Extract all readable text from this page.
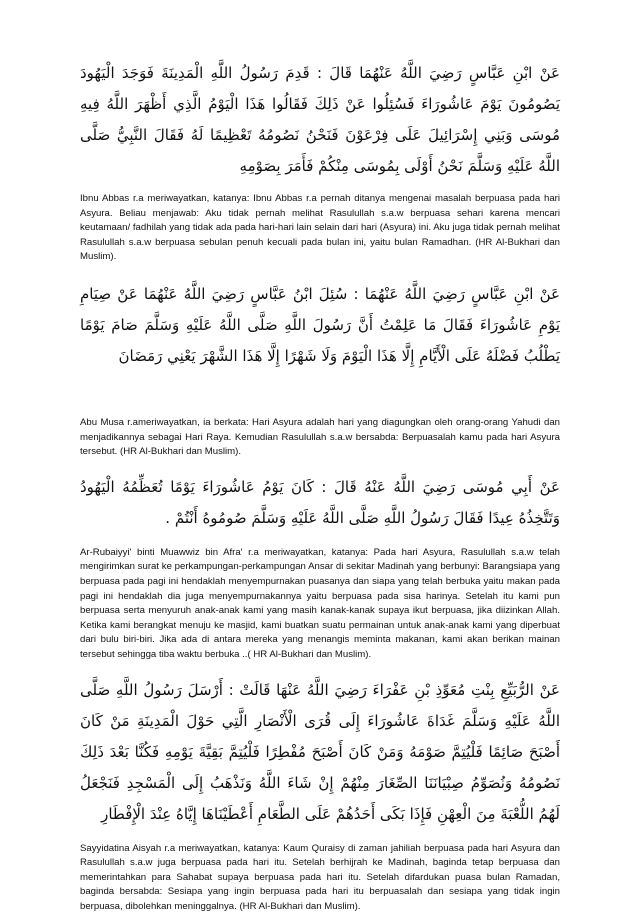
عَنْ ابْنِ عَبَّاسٍ رَضِيَ اللَّهُ عَنْهُمَا قَالَ : قَدِمَ رَسُولُ اللَّهِ الْمَدِينَةَ فَوَجَدَ الْيَهُودَ يَصُومُونَ يَوْمَ عَاشُورَاءَ فَسُئِلُوا عَنْ ذَلِكَ فَقَالُوا هَذَا الْيَوْمُ الَّذِي أَظْهَرَ اللَّهُ فِيهِ مُوسَى وَبَنِي إِسْرَائِيلَ عَلَى فِرْعَوْنَ فَنَحْنُ نَصُومُهُ تَعْظِيمًا لَهُ فَقَالَ النَّبِيُّ صَلَّى اللَّهُ عَلَيْهِ وَسَلَّمَ نَحْنُ أَوْلَى بِمُوسَى مِنْكُمْ فَأَمَرَ بِصَوْمِهِ

Ibnu Abbas r.a meriwayatkan, katanya: Ibnu Abbas r.a pernah ditanya mengenai masalah berpuasa pada hari Asyura. Beliau menjawab: Aku tidak pernah melihat Rasulullah s.a.w berpuasa sehari karena mencari keutamaan/ fadhilah yang tidak ada pada hari-hari lain selain dari hari (Asyura) ini. Aku juga tidak pernah melihat Rasulullah s.a.w berpuasa sebulan penuh kecuali pada bulan ini, yaitu bulan Ramadhan. (HR Al-Bukhari dan Muslim).

عَنْ ابْنِ عَبَّاسٍ رَضِيَ اللَّهُ عَنْهُمَا : سُئِلَ ابْنُ عَبَّاسٍ رَضِيَ اللَّهُ عَنْهُمَا عَنْ صِيَامِ يَوْمِ عَاشُورَاءَ فَقَالَ مَا عَلِمْتُ أَنَّ رَسُولَ اللَّهِ صَلَّى اللَّهُ عَلَيْهِ وَسَلَّمَ صَامَ يَوْمًا يَطْلُبُ فَضْلَهُ عَلَى الْأَيَّامِ إِلَّا هَذَا الْيَوْمَ وَلَا شَهْرًا إِلَّا هَذَا الشَّهْرَ يَعْنِي رَمَضَانَ

Abu Musa r.ameriwayatkan, ia berkata: Hari Asyura adalah hari yang diagungkan oleh orang-orang Yahudi dan menjadikannya sebagai Hari Raya. Kemudian Rasulullah s.a.w bersabda: Berpuasalah kamu pada hari Asyura tersebut. (HR Al-Bukhari dan Muslim).

عَنْ أَبِي مُوسَى رَضِيَ اللَّهُ عَنْهُ قَالَ : كَانَ يَوْمُ عَاشُورَاءَ يَوْمًا تُعَظِّمُهُ الْيَهُودُ وَتَتَّخِذُهُ عِيدًا فَقَالَ رَسُولُ اللَّهِ صَلَّى اللَّهُ عَلَيْهِ وَسَلَّمَ صُومُوهُ أَنْتُمْ .

Ar-Rubaiyyi' binti Muawwiz bin Afra' r.a meriwayatkan, katanya: Pada hari Asyura, Rasulullah s.a.w telah mengirimkan surat ke perkampungan-perkampungan Ansar di sekitar Madinah yang berbunyi: Barangsiapa yang berpuasa pada pagi ini hendaklah menyempurnakan puasanya dan siapa yang telah berbuka yaitu makan pada pagi ini hendaklah dia juga menyempurnakannya yaitu berpuasa pada sisa harinya. Setelah itu kami pun berpuasa serta menyuruh anak-anak kami yang masih kanak-kanak supaya ikut berpuasa, jika diizinkan Allah. Ketika kami berangkat menuju ke masjid, kami buatkan suatu permainan untuk anak-anak kami yang diperbuat dari bulu biri-biri. Jika ada di antara mereka yang menangis meminta makanan, kami akan berikan mainan tersebut sehingga tiba waktu berbuka ..( HR Al-Bukhari dan Muslim).

عَنْ الرُّبَيِّعِ بِنْتِ مُعَوِّذِ بْنِ عَفْرَاءَ رَضِيَ اللَّهُ عَنْهَا قَالَتْ : أَرْسَلَ رَسُولُ اللَّهِ صَلَّى اللَّهُ عَلَيْهِ وَسَلَّمَ غَدَاةَ عَاشُورَاءَ إِلَى قُرَى الْأَنْصَارِ الَّتِي حَوْلَ الْمَدِينَةِ مَنْ كَانَ أَصْبَحَ صَائِمًا فَلْيُتِمَّ صَوْمَهُ وَمَنْ كَانَ أَصْبَحَ مُفْطِرًا فَلْيُتِمَّ بَقِيَّةَ يَوْمِهِ فَكُنَّا بَعْدَ ذَلِكَ نَصُومُهُ وَنُصَوِّمُ صِبْيَانَنَا الصِّغَارَ مِنْهُمْ إِنْ شَاءَ اللَّهُ وَنَذْهَبُ إِلَى الْمَسْجِدِ فَنَجْعَلُ لَهُمُ اللُّعْبَةَ مِنَ الْعِهْنِ فَإِذَا بَكَى أَحَدُهُمْ عَلَى الطَّعَامِ أَعْطَيْنَاهَا إِيَّاهُ عِنْدَ الْإِفْطَارِ

Sayyidatina Aisyah r.a meriwayatkan, katanya: Kaum Quraisy di zaman jahiliah berpuasa pada hari Asyura dan Rasulullah s.a.w juga berpuasa pada hari itu. Setelah berhijrah ke Madinah, baginda tetap berpuasa dan memerintahkan para Sahabat supaya berpuasa pada hari itu. Setelah difardukan puasa bulan Ramadan, baginda bersabda: Sesiapa yang ingin berpuasa pada hari itu berpuasalah dan sesiapa yang tidak ingin berpuasa, dibolehkan meninggalnya. (HR Al-Bukhari dan Muslim).
